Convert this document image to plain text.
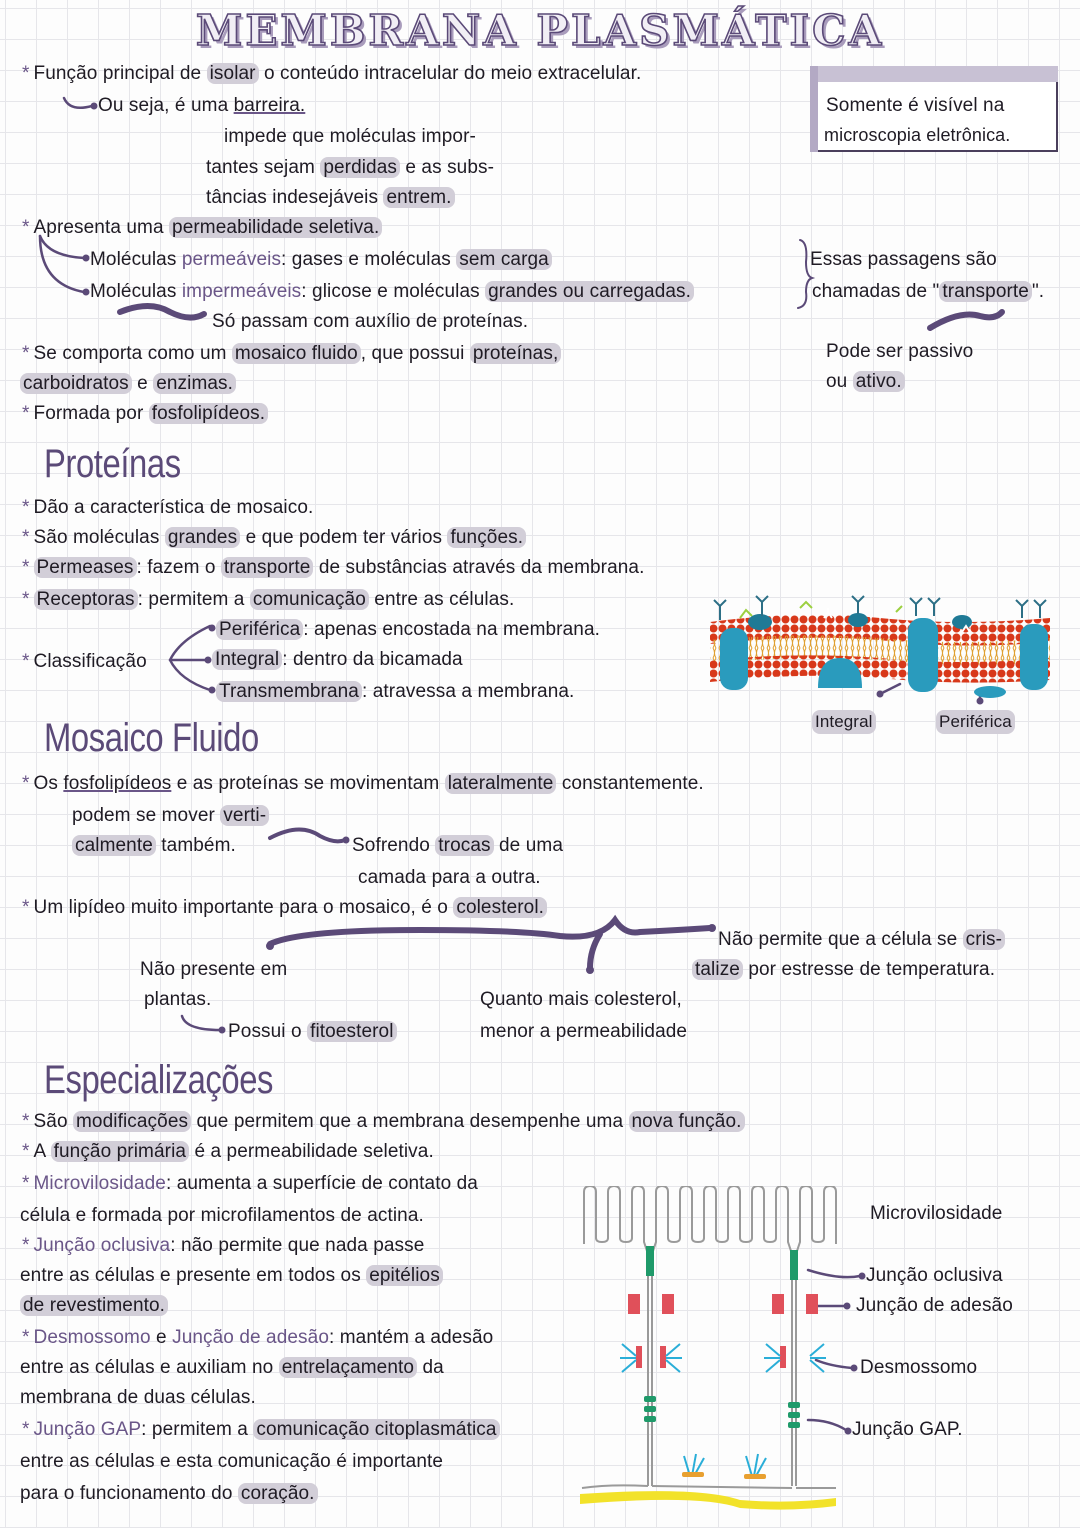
MEMBRANA PLASMÁTICA
Somente é visível na
microscopia eletrônica.
* Função principal de isolar o conteúdo intracelular do meio extracelular.
Ou seja, é uma barreira.
impede que moléculas impor-
tantes sejam perdidas e as subs-
tâncias indesejáveis entrem.
* Apresenta uma permeabilidade seletiva.
Moléculas permeáveis: gases e moléculas sem carga
Moléculas impermeáveis: glicose e moléculas grandes ou carregadas.
Só passam com auxílio de proteínas.
Essas passagens são
chamadas de " transporte ".
Pode ser passivo
ou ativo.
* Se comporta como um mosaico fluido , que possui proteínas,
carboidratos e enzimas.
* Formada por fosfolipídeos.
Proteínas
* Dão a característica de mosaico.
* São moléculas grandes e que podem ter vários funções.
* Permeases : fazem o transporte de substâncias através da membrana.
* Receptoras : permitem a comunicação entre as células.
* Classificação
Periférica : apenas encostada na membrana.
Integral : dentro da bicamada
Transmembrana : atravessa a membrana.
Integral	Periférica
Mosaico Fluido
* Os fosfolipídeos e as proteínas se movimentam lateralmente constantemente.
podem se mover verti-
calmente também.	Sofrendo trocas de uma
camada para a outra.
* Um lipídeo muito importante para o mosaico, é o colesterol.
Não presente em
plantas.
Possui o fitoesterol
Quanto mais colesterol,
menor a permeabilidade
Não permite que a célula se cris-
talize por estresse de temperatura.
Especializações
* São modificações que permitem que a membrana desempenhe uma nova função.
* A função primária é a permeabilidade seletiva.
* Microvilosidade: aumenta a superfície de contato da
célula e formada por microfilamentos de actina.
* Junção oclusiva: não permite que nada passe
entre as células e presente em todos os epitélios
de revestimento.
* Desmossomo e Junção de adesão: mantém a adesão
entre as células e auxiliam no entrelaçamento da
membrana de duas células.
* Junção GAP: permitem a comunicação citoplasmática
entre as células e esta comunicação é importante
para o funcionamento do coração.
Microvilosidade
Junção oclusiva
Junção de adesão
Desmossomo
Junção GAP.
